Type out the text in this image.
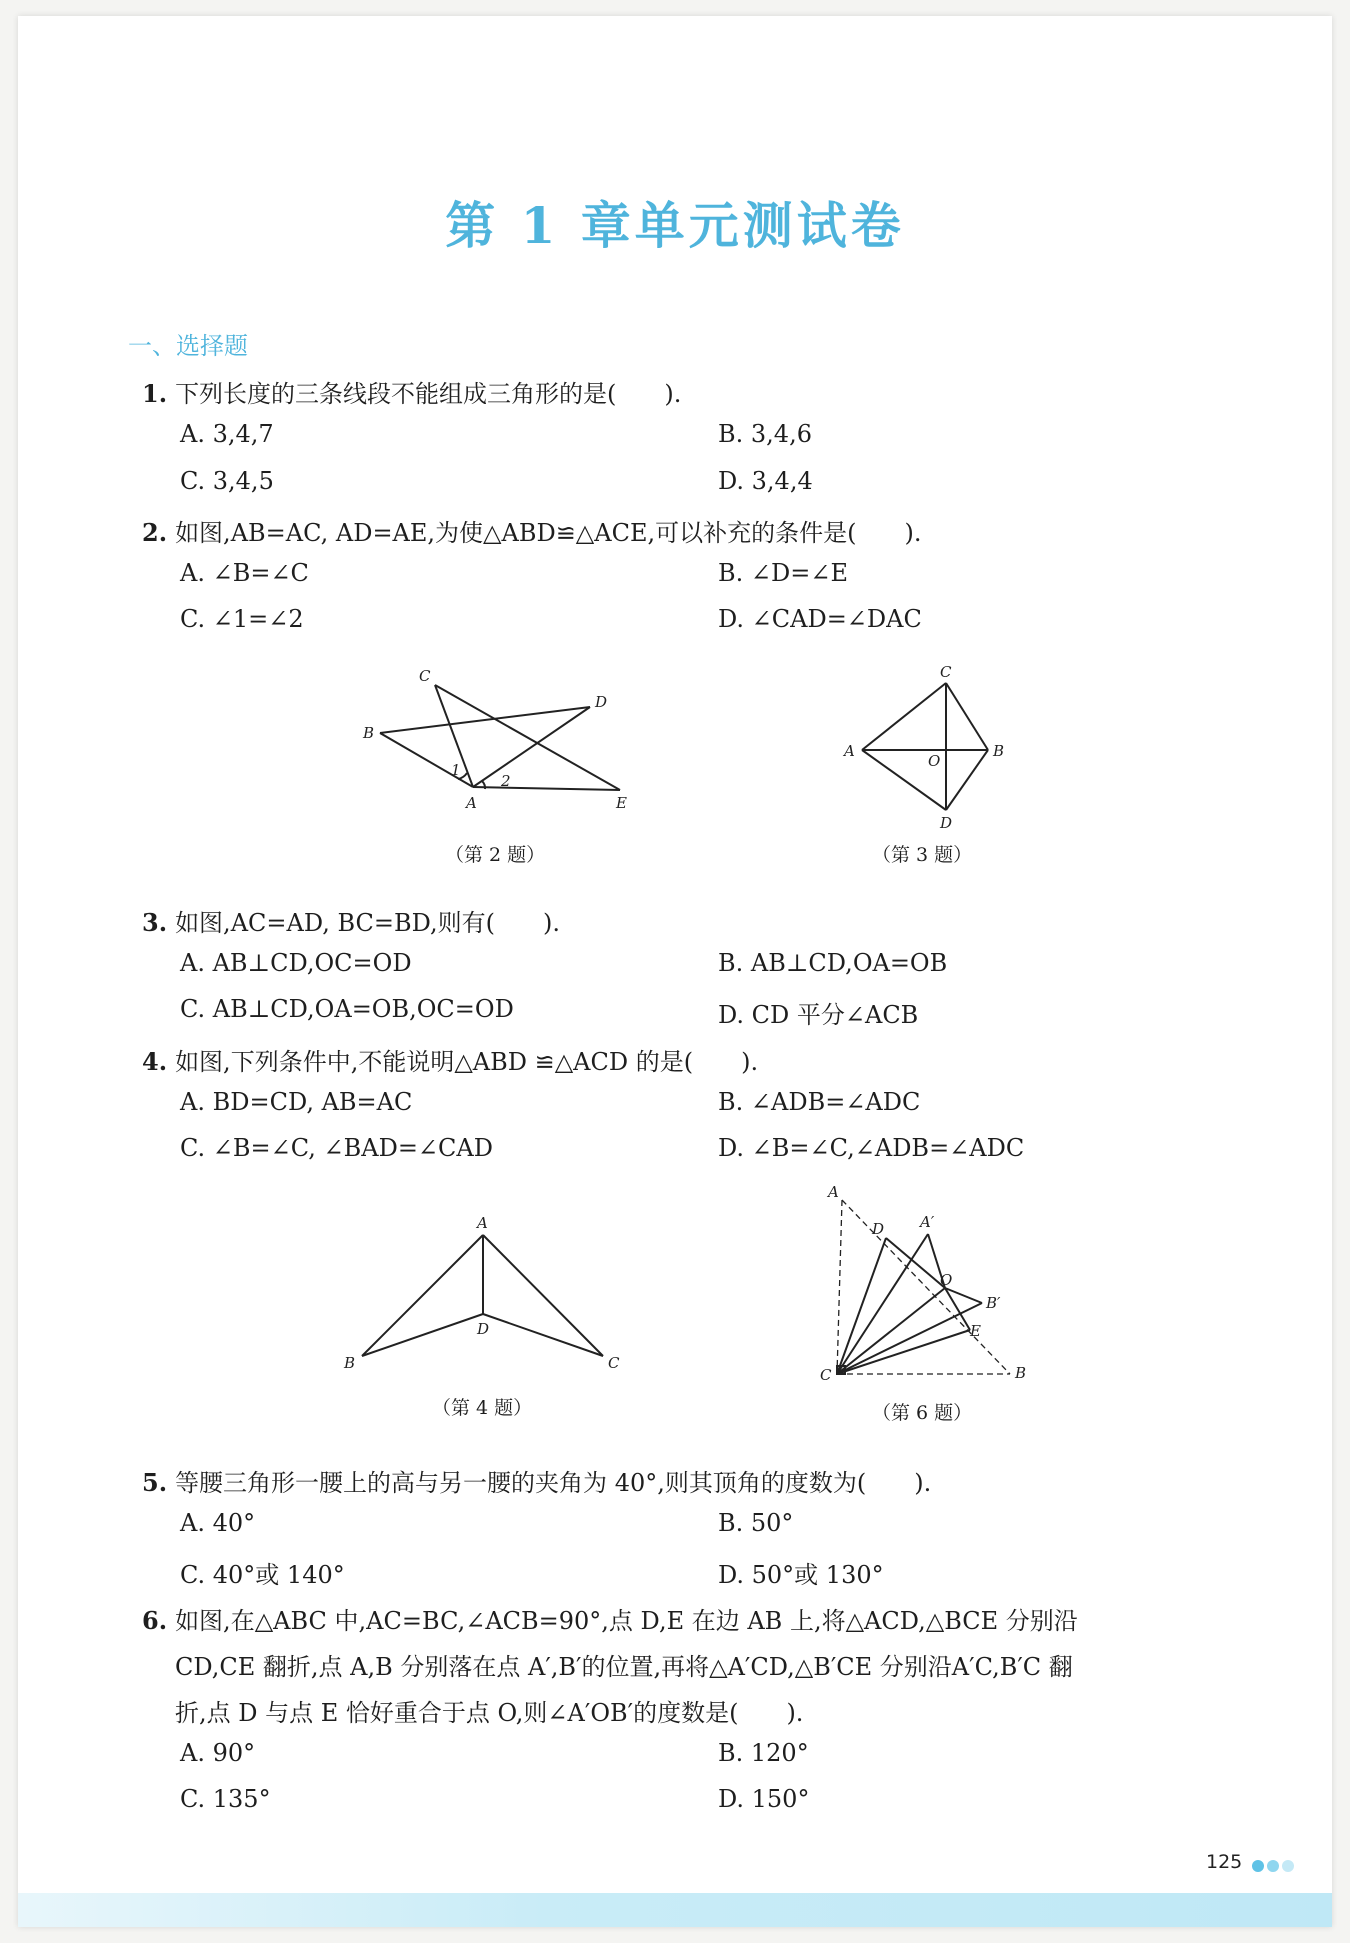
第 1 章单元测试卷
一、选择题
1. 下列长度的三条线段不能组成三角形的是(　　).
A. 3,4,7	B. 3,4,6
C. 3,4,5	D. 3,4,4
2. 如图,AB=AC, AD=AE,为使△ABD≌△ACE,可以补充的条件是(　　).
A. ∠B=∠C	B. ∠D=∠E
C. ∠1=∠2	D. ∠CAD=∠DAC
C
D
B
A	E
1
2
（第 2 题）
C
A
O
B
D
（第 3 题）
3. 如图,AC=AD, BC=BD,则有(　　).
A. AB⊥CD,OC=OD	B. AB⊥CD,OA=OB
C. AB⊥CD,OA=OB,OC=OD	D. CD 平分∠ACB
4. 如图,下列条件中,不能说明△ABD ≌△ACD 的是(　　).
A. BD=CD, AB=AC	B. ∠ADB=∠ADC
C. ∠B=∠C, ∠BAD=∠CAD	D. ∠B=∠C,∠ADB=∠ADC
A
D
B	C
（第 4 题）
A
D A′
O
B′
E
C	B
（第 6 题）
5. 等腰三角形一腰上的高与另一腰的夹角为 40°,则其顶角的度数为(　　).
A. 40°	B. 50°
C. 40°或 140°	D. 50°或 130°
6. 如图,在△ABC 中,AC=BC,∠ACB=90°,点 D,E 在边 AB 上,将△ACD,△BCE 分别沿
CD,CE 翻折,点 A,B 分别落在点 A′,B′的位置,再将△A′CD,△B′CE 分别沿A′C,B′C 翻
折,点 D 与点 E 恰好重合于点 O,则∠A′OB′的度数是(　　).
A. 90°	B. 120°
C. 135°	D. 150°
125
